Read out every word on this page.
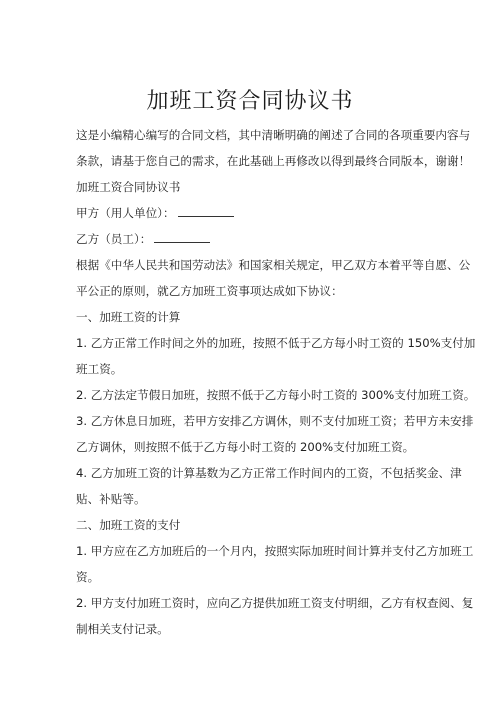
加班工资合同协议书

这是小编精心编写的合同文档，其中清晰明确的阐述了合同的各项重要内容与

条款，请基于您自己的需求，在此基础上再修改以得到最终合同版本，谢谢！

加班工资合同协议书

甲方（用人单位）：

乙方（员工）：

根据《中华人民共和国劳动法》和国家相关规定，甲乙双方本着平等自愿、公

平公正的原则，就乙方加班工资事项达成如下协议：

一、加班工资的计算

1. 乙方正常工作时间之外的加班，按照不低于乙方每小时工资的 150%支付加

班工资。

2. 乙方法定节假日加班，按照不低于乙方每小时工资的 300%支付加班工资。

3. 乙方休息日加班，若甲方安排乙方调休，则不支付加班工资；若甲方未安排

乙方调休，则按照不低于乙方每小时工资的 200%支付加班工资。

4. 乙方加班工资的计算基数为乙方正常工作时间内的工资，不包括奖金、津

贴、补贴等。

二、加班工资的支付

1. 甲方应在乙方加班后的一个月内，按照实际加班时间计算并支付乙方加班工

资。

2. 甲方支付加班工资时，应向乙方提供加班工资支付明细，乙方有权查阅、复

制相关支付记录。
